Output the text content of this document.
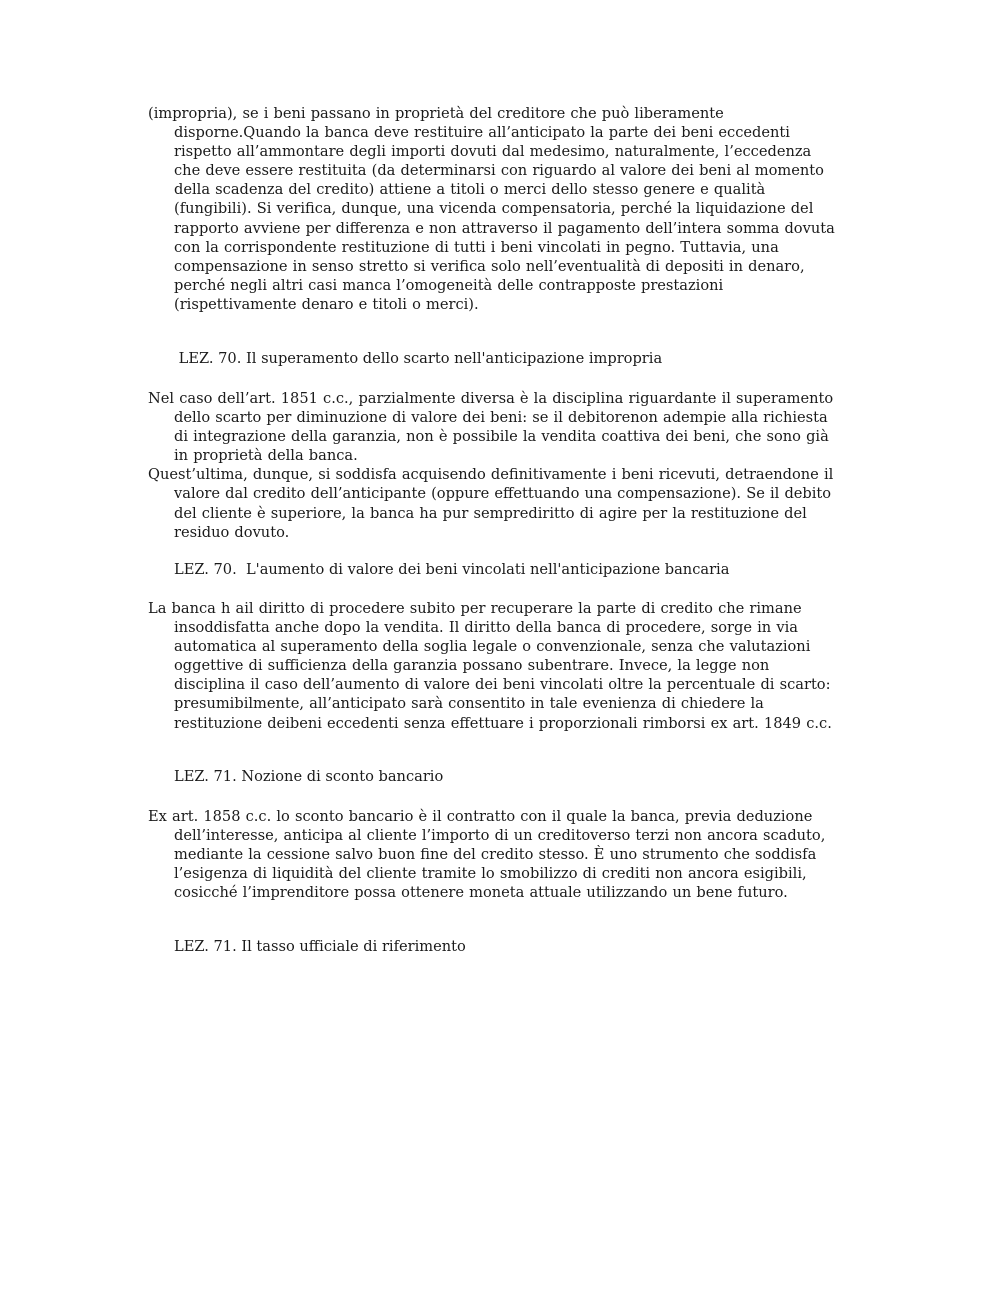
(impropria), se i beni passano in proprietà del creditore che può liberamente disporne.Quando la banca deve restituire all’anticipato la parte dei beni eccedenti rispetto all’ammontare degli importi dovuti dal medesimo, naturalmente, l’eccedenza che deve essere restituita (da determinarsi con riguardo al valore dei beni al momento della scadenza del credito) attiene a titoli o merci dello stesso genere e qualità (fungibili). Si verifica, dunque, una vicenda compensatoria, perché la liquidazione del rapporto avviene per differenza e non attraverso il pagamento dell’intera somma dovuta con la corrispondente restituzione di tutti i beni vincolati in pegno. Tuttavia, una compensazione in senso stretto si verifica solo nell’eventualità di depositi in denaro, perché negli altri casi manca l’omogeneità delle contrapposte prestazioni (rispettivamente denaro e titoli o merci).

LEZ. 70. Il superamento dello scarto nell'anticipazione impropria

Nel caso dell’art. 1851 c.c., parzialmente diversa è la disciplina riguardante il superamento dello scarto per diminuzione di valore dei beni: se il debitorenon adempie alla richiesta di integrazione della garanzia, non è possibile la vendita coattiva dei beni, che sono già in proprietà della banca.

Quest’ultima, dunque, si soddisfa acquisendo definitivamente i beni ricevuti, detraendone il valore dal credito dell’anticipante (oppure effettuando una compensazione). Se il debito del cliente è superiore, la banca ha pur semprediritto di agire per la restituzione del residuo dovuto.

LEZ. 70.  L'aumento di valore dei beni vincolati nell'anticipazione bancaria

La banca h ail diritto di procedere subito per recuperare la parte di credito che rimane insoddisfatta anche dopo la vendita. Il diritto della banca di procedere, sorge in via automatica al superamento della soglia legale o convenzionale, senza che valutazioni oggettive di sufficienza della garanzia possano subentrare. Invece, la legge non disciplina il caso dell’aumento di valore dei beni vincolati oltre la percentuale di scarto: presumibilmente, all’anticipato sarà consentito in tale evenienza di chiedere la restituzione deibeni eccedenti senza effettuare i proporzionali rimborsi ex art. 1849 c.c.

LEZ. 71. Nozione di sconto bancario

Ex art. 1858 c.c. lo sconto bancario è il contratto con il quale la banca, previa deduzione dell’interesse, anticipa al cliente l’importo di un creditoverso terzi non ancora scaduto, mediante la cessione salvo buon fine del credito stesso. È uno strumento che soddisfa l’esigenza di liquidità del cliente tramite lo smobilizzo di crediti non ancora esigibili, cosicché l’imprenditore possa ottenere moneta attuale utilizzando un bene futuro.

LEZ. 71. Il tasso ufficiale di riferimento
